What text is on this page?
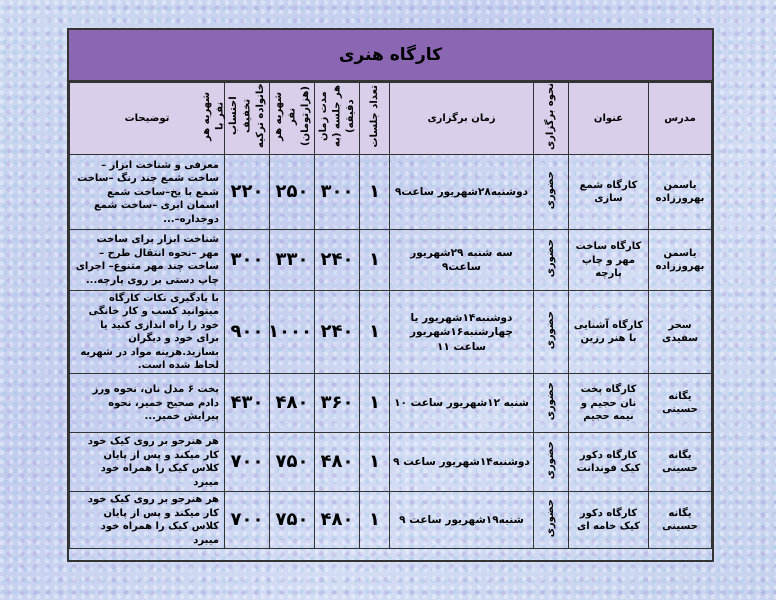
کارگاه هنری
مدرس	عنوان	نحوه برگزاری	زمان برگزاری	تعداد جلسات	مدت زمان هر جلسه (به دقیقه)	شهریه هر نفر (هزارتومان)	شهریه هر نفر با احتساب تخفیف خانواده ترکیه	توضیحات
یاسمن بهروززاده	کارگاه شمع سازی	حضوری	دوشنبه۲۸شهریور ساعت۹	۱	۳۰۰	۲۵۰	۲۲۰	معرفی و شناخت ابزار –ساخت شمع چند رنگ –ساخت شمع با یخ–ساخت شمع اسمان ابری –ساخت شمع دوجداره–...
یاسمن بهروززاده	کارگاه ساخت مهر و چاپ پارچه	حضوری	سه شنبه ۲۹شهریور ساعت۹	۱	۲۴۰	۳۳۰	۳۰۰	شناخت ابزار برای ساخت مهر –نحوه انتقال طرح –ساخت چند مهر متنوع– اجرای چاپ دستی بر روی پارچه...
سحر سفیدی	کارگاه آشنایی با هنر رزین	حضوری	دوشنبه۱۴شهریور یا چهارشنبه۱۶شهریور ساعت ۱۱	۱	۲۴۰	۱۰۰۰	۹۰۰	با یادگیری نکات کارگاه میتوانید کسب و کار خانگی خود را راه اندازی کنید یا برای خود و دیگران بسازید.هزینه مواد در شهریه لحاظ شده است.
یگانه حسینی	کارگاه پخت نان حجیم و نیمه حجیم	حضوری	شنبه ۱۲شهریور ساعت ۱۰	۱	۳۶۰	۴۸۰	۴۳۰	پخت ۶ مدل نان، نحوه ورز دادم صحیح خمیر، نحوه پیرایش خمیر...
یگانه حسینی	کارگاه دکور کیک فوندانت	حضوری	دوشنبه۱۴شهریور ساعت ۹	۱	۴۸۰	۷۵۰	۷۰۰	هر هنرجو بر روی کیک خود کار میکند و پس از پایان کلاس کیک را همراه خود میبرد
یگانه حسینی	کارگاه دکور کیک خامه ای	حضوری	شنبه۱۹شهریور ساعت ۹	۱	۴۸۰	۷۵۰	۷۰۰	هر هنرجو بر روی کیک خود کار میکند و پس از پایان کلاس کیک را همراه خود میبرد
